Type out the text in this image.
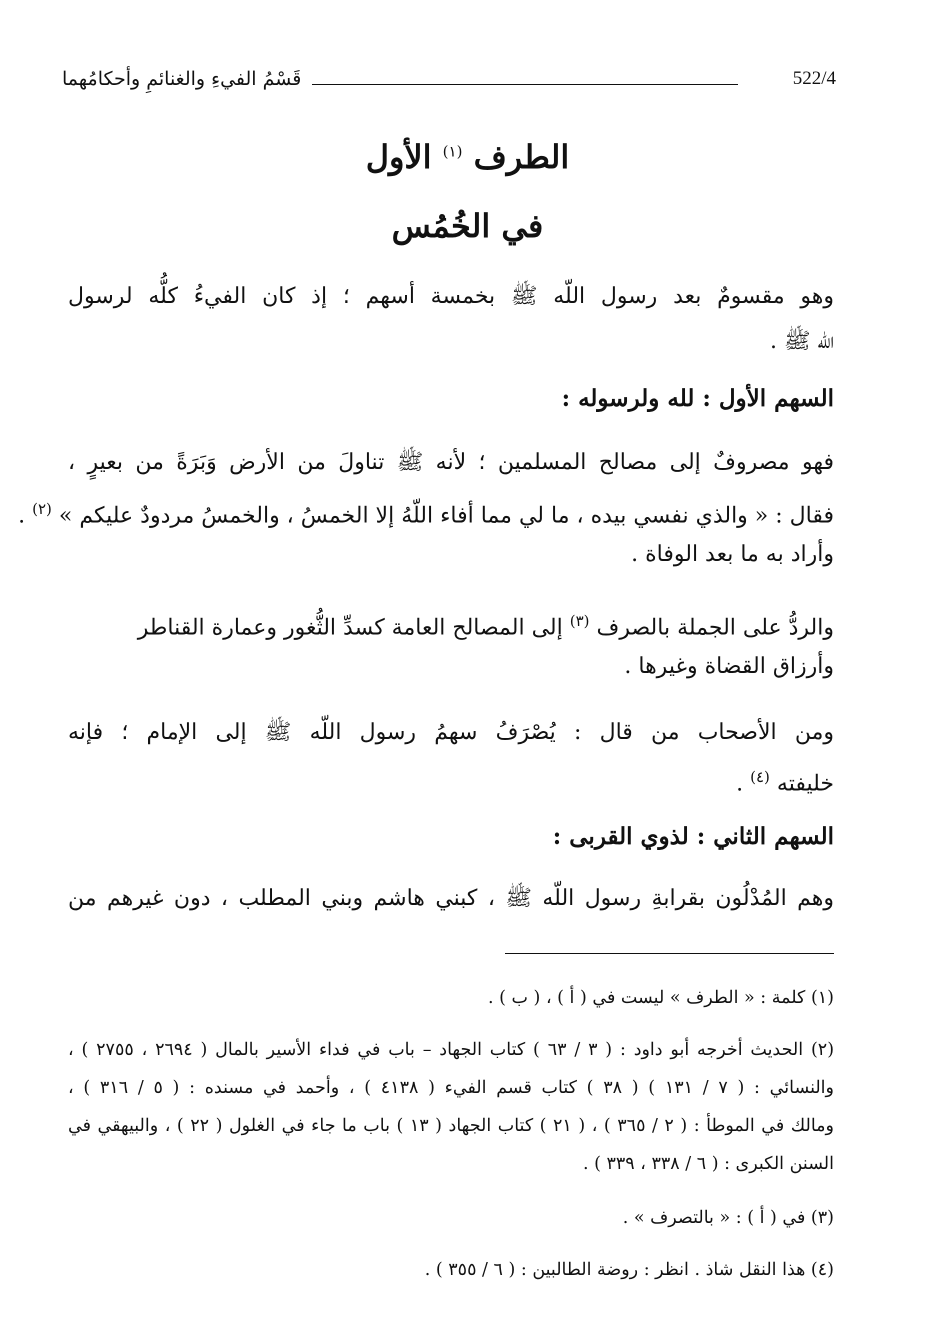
قَسْمُ الفيءِ والغنائمِ وأحكامُهما	522/4
الطرف $^{(١)}$ الأول
في الخُمُس
وهو مقسومٌ بعد رسول اللّه ﷺ بخمسة أسهم ؛ إذ كان الفيءُ كلُّه لرسول
اللّه ﷺ .
السهم الأول : لله ولرسوله :
فهو مصروفٌ إلى مصالح المسلمين ؛ لأنه ﷺ تناولَ من الأرض وَبَرَةً من بعيرٍ ،
فقال : « والذي نفسي بيده ، ما لي مما أفاء اللّهُ إلا الخمسُ ، والخمسُ مردودٌ عليكم » $^{(٢)}$ .
وأراد به ما بعد الوفاة .
والردُّ على الجملة بالصرف $^{(٣)}$ إلى المصالح العامة كسدِّ الثُّغور وعمارة القناطر
وأرزاق القضاة وغيرها .
ومن الأصحاب من قال : يُصْرَفُ سهمُ رسول اللّه ﷺ إلى الإمام ؛ فإنه
خليفته $^{(٤)}$ .
السهم الثاني : لذوي القربى :
وهم المُدْلُون بقرابةِ رسول اللّه ﷺ ، كبني هاشم وبني المطلب ، دون غيرهم من
(١) كلمة : « الطرف » ليست في ( أ ) ، ( ب ) .
(٢) الحديث أخرجه أبو داود : ( ٣ / ٦٣ ) كتاب الجهاد – باب في فداء الأسير بالمال ( ٢٦٩٤ ، ٢٧٥٥ ) ،
والنسائي : ( ٧ / ١٣١ ) ( ٣٨ ) كتاب قسم الفيء ( ٤١٣٨ ) ، وأحمد في مسنده : ( ٥ / ٣١٦ ) ،
ومالك في الموطأ : ( ٢ / ٣٦٥ ) ، ( ٢١ ) كتاب الجهاد ( ١٣ ) باب ما جاء في الغلول ( ٢٢ ) ، والبيهقي في
السنن الكبرى : ( ٦ / ٣٣٨ ، ٣٣٩ ) .
(٣) في ( أ ) : « بالتصرف » .
(٤) هذا النقل شاذ . انظر : روضة الطالبين : ( ٦ / ٣٥٥ ) .
